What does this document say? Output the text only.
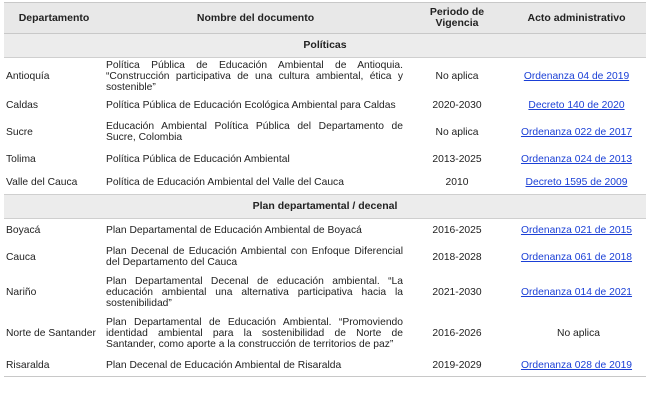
Departamento	Nombre del documento	Periodo de Vigencia	Acto administrativo
Políticas			
Antioquía	Política Pública de Educación Ambiental de Antioquia. “Construcción participativa de una cultura ambiental, ética y sostenible”	No aplica	Ordenanza 04 de 2019
Caldas	Política Pública de Educación Ecológica Ambiental para Caldas	2020-2030	Decreto 140 de 2020
Sucre	Educación Ambiental Política Pública del Departamento de Sucre, Colombia	No aplica	Ordenanza 022 de 2017
Tolima	Política Pública de Educación Ambiental	2013-2025	Ordenanza 024 de 2013
Valle del Cauca	Política de Educación Ambiental del Valle del Cauca	2010	Decreto 1595 de 2009
Plan departamental / decenal			
Boyacá	Plan Departamental de Educación Ambiental de Boyacá	2016-2025	Ordenanza 021 de 2015
Cauca	Plan Decenal de Educación Ambiental con Enfoque Diferencial del Departamento del Cauca	2018-2028	Ordenanza 061 de 2018
Nariño	Plan Departamental Decenal de educación ambiental. “La educación ambiental una alternativa participativa hacia la sostenibilidad”	2021-2030	Ordenanza 014 de 2021
Norte de Santander	Plan Departamental de Educación Ambiental. “Promoviendo identidad ambiental para la sostenibilidad de Norte de Santander, como aporte a la construcción de territorios de paz”	2016-2026	No aplica
Risaralda	Plan Decenal de Educación Ambiental de Risaralda	2019-2029	Ordenanza 028 de 2019
